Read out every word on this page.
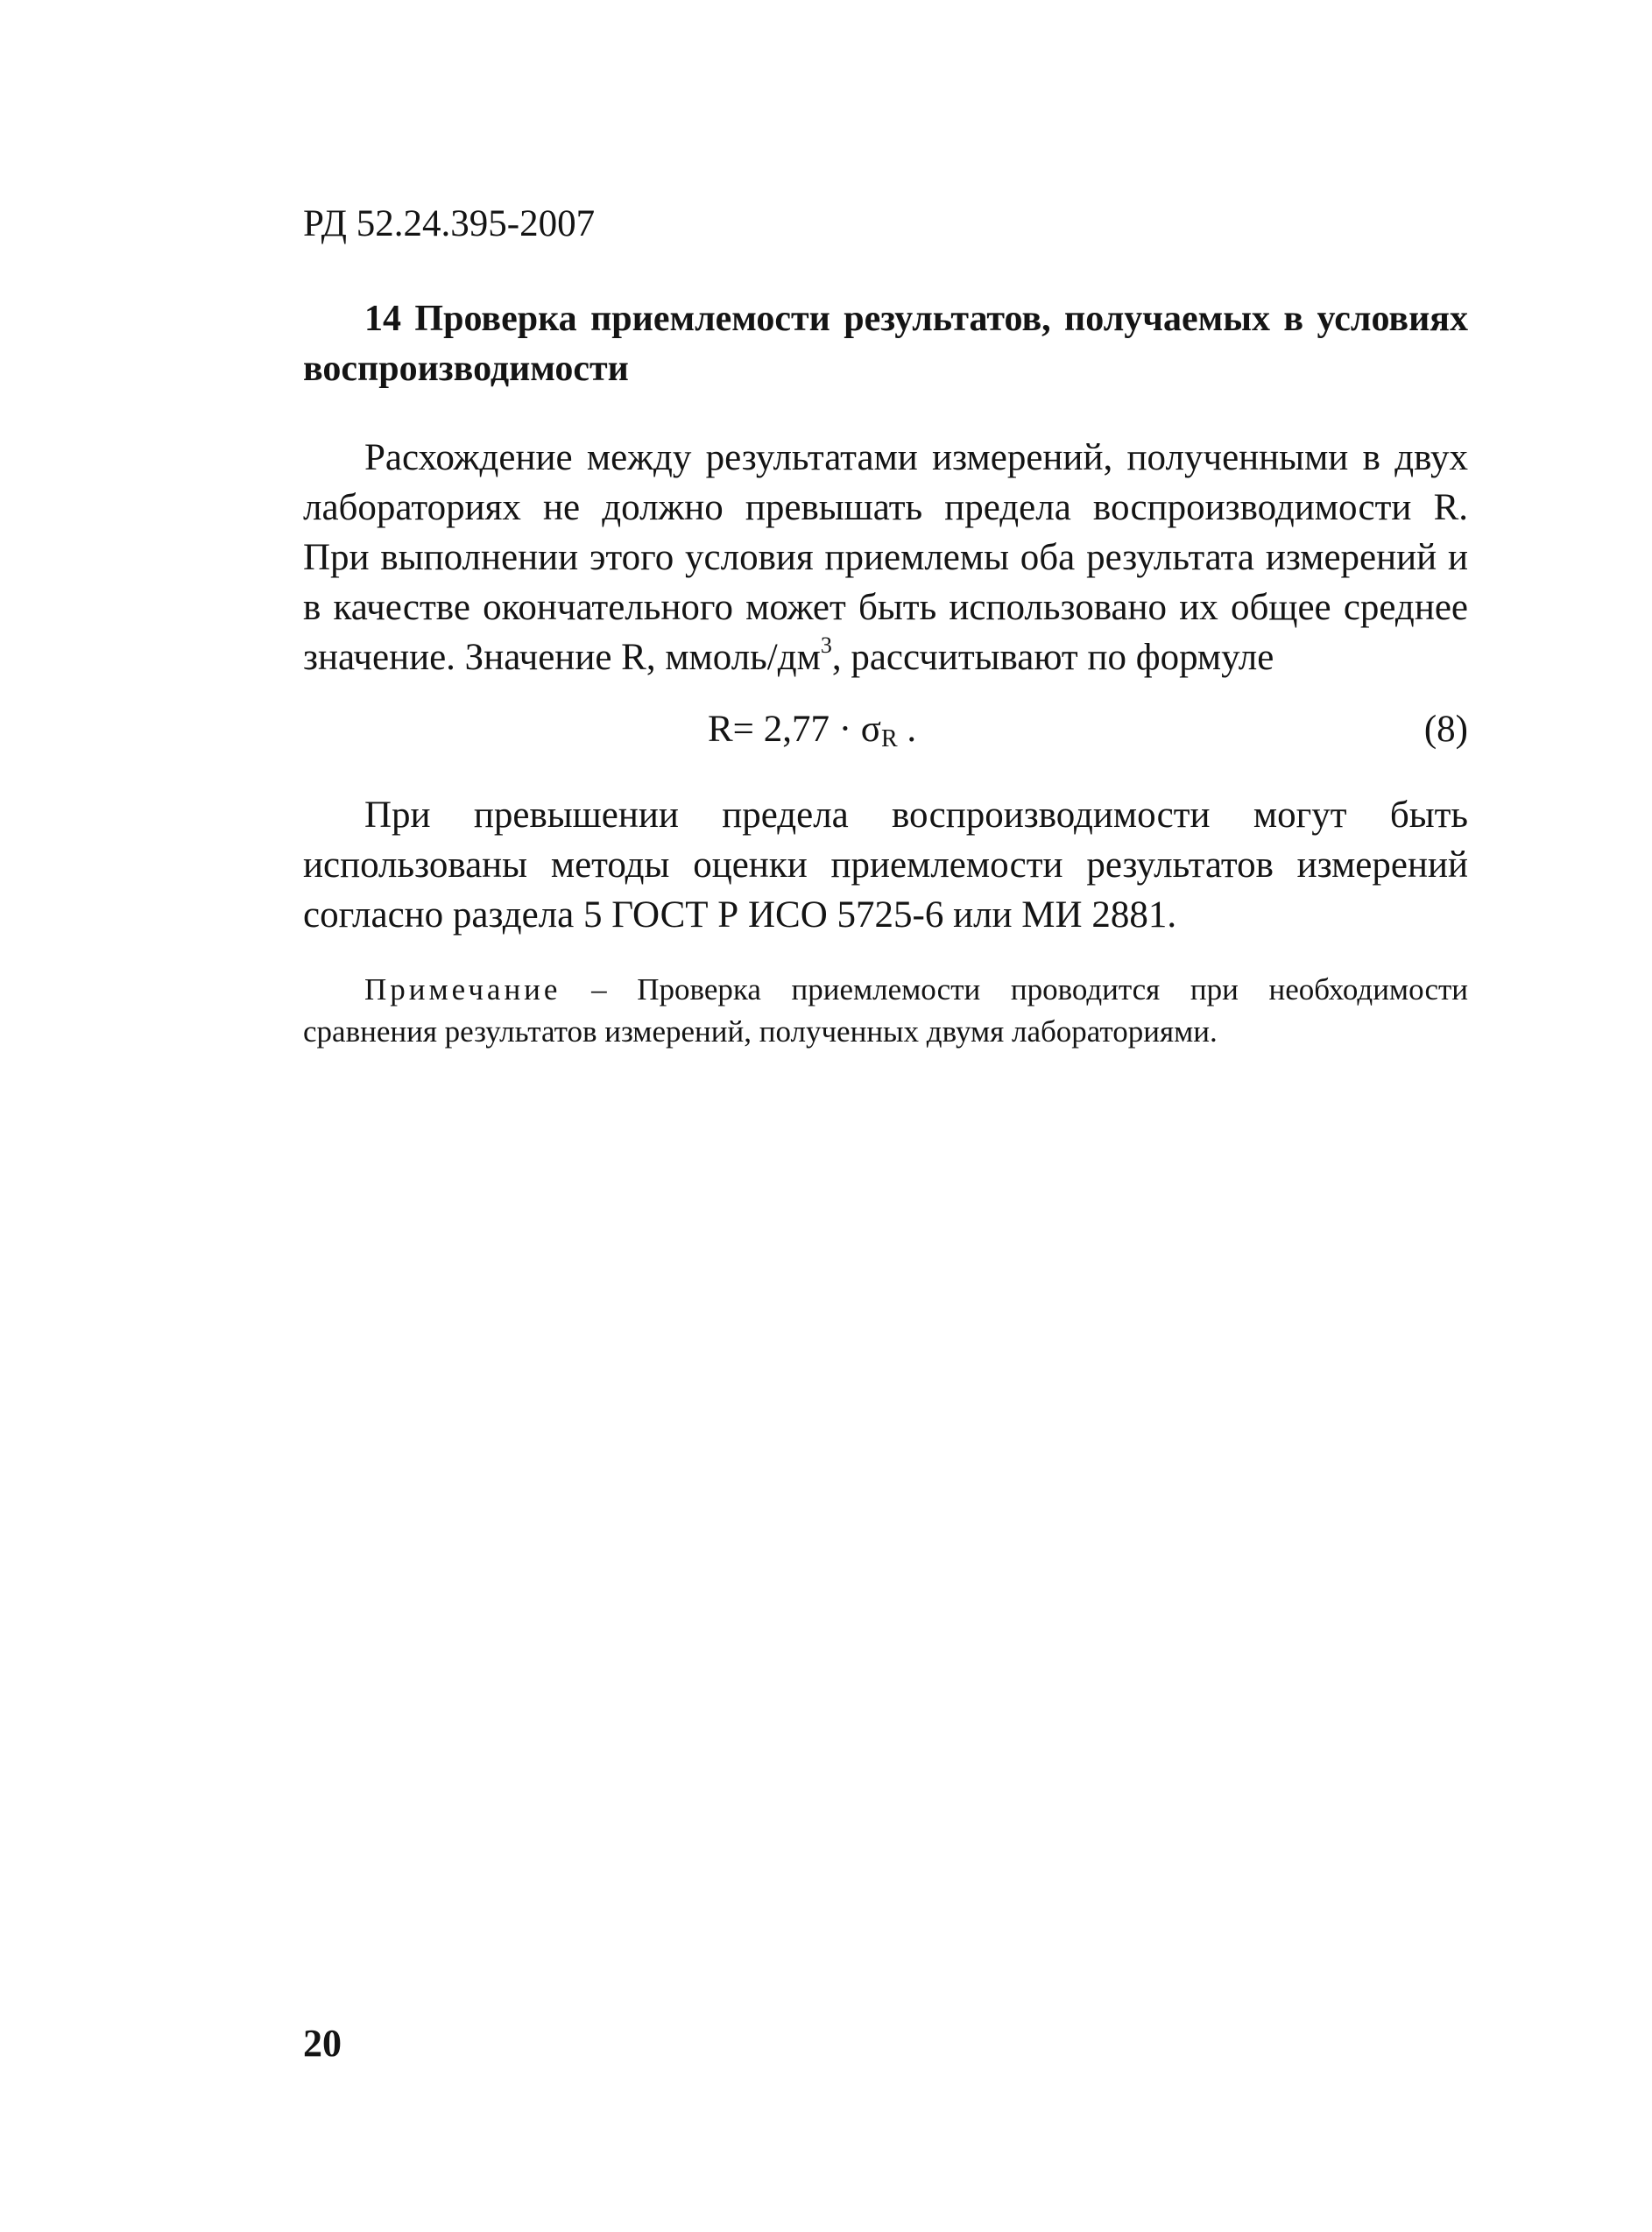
РД 52.24.395-2007
14 Проверка приемлемости результатов, получаемых в условиях воспроизводимости
Расхождение между результатами измерений, полученными в двух лабораториях не должно превышать предела воспроизводимости R. При выполнении этого условия приемлемы оба результата измерений и в качестве окончательного может быть использовано их общее среднее значение. Значение R, ммоль/$дм^3$, рассчитывают по формуле
R= 2,77 · σR .	(8)
При превышении предела воспроизводимости могут быть использованы методы оценки приемлемости результатов измерений согласно раздела 5 ГОСТ Р ИСО 5725-6 или МИ 2881.
Примечание – Проверка приемлемости проводится при необходимости сравнения результатов измерений, полученных двумя лабораториями.
20
